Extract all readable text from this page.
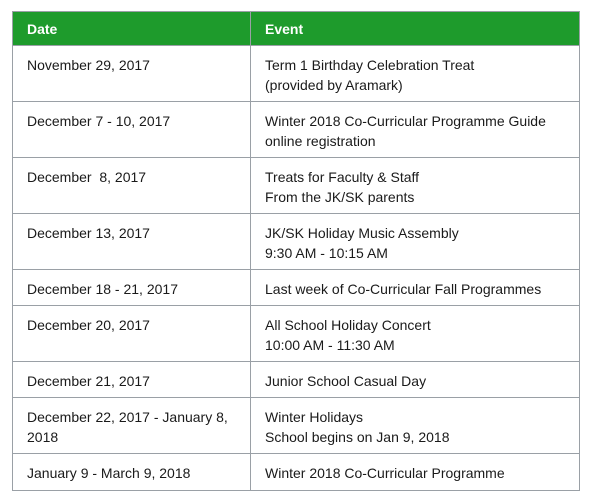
Date	Event

November 29, 2017	Term 1 Birthday Celebration Treat
(provided by Aramark)

December 7 - 10, 2017	Winter 2018 Co-Curricular Programme Guide
online registration

December  8, 2017	Treats for Faculty & Staff
From the JK/SK parents

December 13, 2017	JK/SK Holiday Music Assembly
9:30 AM - 10:15 AM

December 18 - 21, 2017	Last week of Co-Curricular Fall Programmes

December 20, 2017	All School Holiday Concert
10:00 AM - 11:30 AM

December 21, 2017	Junior School Casual Day

December 22, 2017 - January 8,
2018	Winter Holidays
School begins on Jan 9, 2018

January 9 - March 9, 2018	Winter 2018 Co-Curricular Programme
